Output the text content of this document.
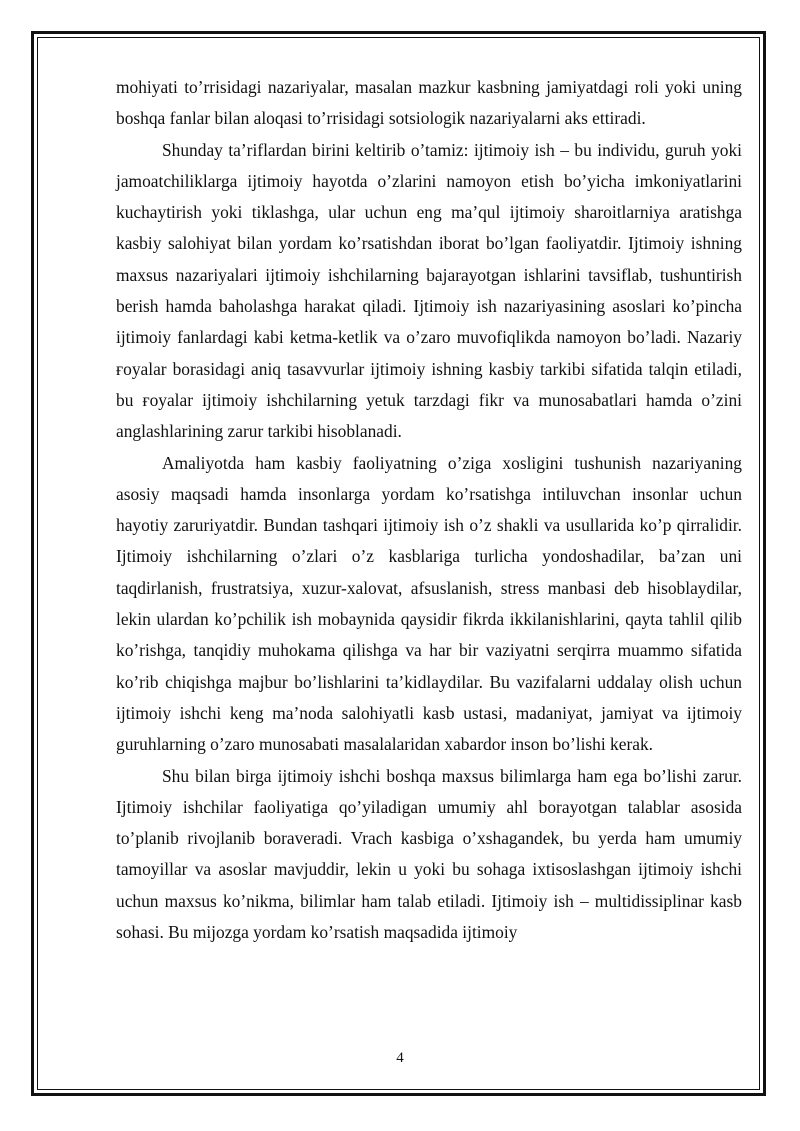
mohiyati to’rrisidagi nazariyalar, masalan mazkur kasbning jamiyatdagi roli yoki uning boshqa fanlar bilan aloqasi to’rrisidagi sotsiologik nazariyalarni aks ettiradi.

Shunday ta’riflardan birini keltirib o’tamiz: ijtimoiy ish – bu individu, guruh yoki jamoatchiliklarga ijtimoiy hayotda o’zlarini namoyon etish bo’yicha imkoniyatlarini kuchaytirish yoki tiklashga, ular uchun eng ma’qul ijtimoiy sharoitlarniya aratishga kasbiy salohiyat bilan yordam ko’rsatishdan iborat bo’lgan faoliyatdir. Ijtimoiy ishning maxsus nazariyalari ijtimoiy ishchilarning bajarayotgan ishlarini tavsiflab, tushuntirish berish hamda baholashga harakat qiladi. Ijtimoiy ish nazariyasining asoslari ko’pincha ijtimoiy fanlardagi kabi ketma-ketlik va o’zaro muvofiqlikda namoyon bo’ladi. Nazariy ғoyalar borasidagi aniq tasavvurlar ijtimoiy ishning kasbiy tarkibi sifatida talqin etiladi, bu ғoyalar ijtimoiy ishchilarning yetuk tarzdagi fikr va munosabatlari hamda o’zini anglashlarining zarur tarkibi hisoblanadi.

Amaliyotda ham kasbiy faoliyatning o’ziga xosligini tushunish nazariyaning asosiy maqsadi hamda insonlarga yordam ko’rsatishga intiluvchan insonlar uchun hayotiy zaruriyatdir. Bundan tashqari ijtimoiy ish o’z shakli va usullarida ko’p qirralidir. Ijtimoiy ishchilarning o’zlari o’z kasblariga turlicha yondoshadilar, ba’zan uni taqdirlanish, frustratsiya, xuzur-xalovat, afsuslanish, stress manbasi deb hisoblaydilar, lekin ulardan ko’pchilik ish mobaynida qaysidir fikrda ikkilanishlarini, qayta tahlil qilib ko’rishga, tanqidiy muhokama qilishga va har bir vaziyatni serqirra muammo sifatida ko’rib chiqishga majbur bo’lishlarini ta’kidlaydilar. Bu vazifalarni uddalay olish uchun ijtimoiy ishchi keng ma’noda salohiyatli kasb ustasi, madaniyat, jamiyat va ijtimoiy guruhlarning o’zaro munosabati masalalaridan xabardor inson bo’lishi kerak.

Shu bilan birga ijtimoiy ishchi boshqa maxsus bilimlarga ham ega bo’lishi zarur. Ijtimoiy ishchilar faoliyatiga qo’yiladigan umumiy ahl borayotgan talablar asosida to’planib rivojlanib boraveradi. Vrach kasbiga o’xshagandek, bu yerda ham umumiy tamoyillar va asoslar mavjuddir, lekin u yoki bu sohaga ixtisoslashgan ijtimoiy ishchi uchun maxsus ko’nikma, bilimlar ham talab etiladi. Ijtimoiy ish – multidissiplinar kasb sohasi. Bu mijozga yordam ko’rsatish maqsadida ijtimoiy

4
